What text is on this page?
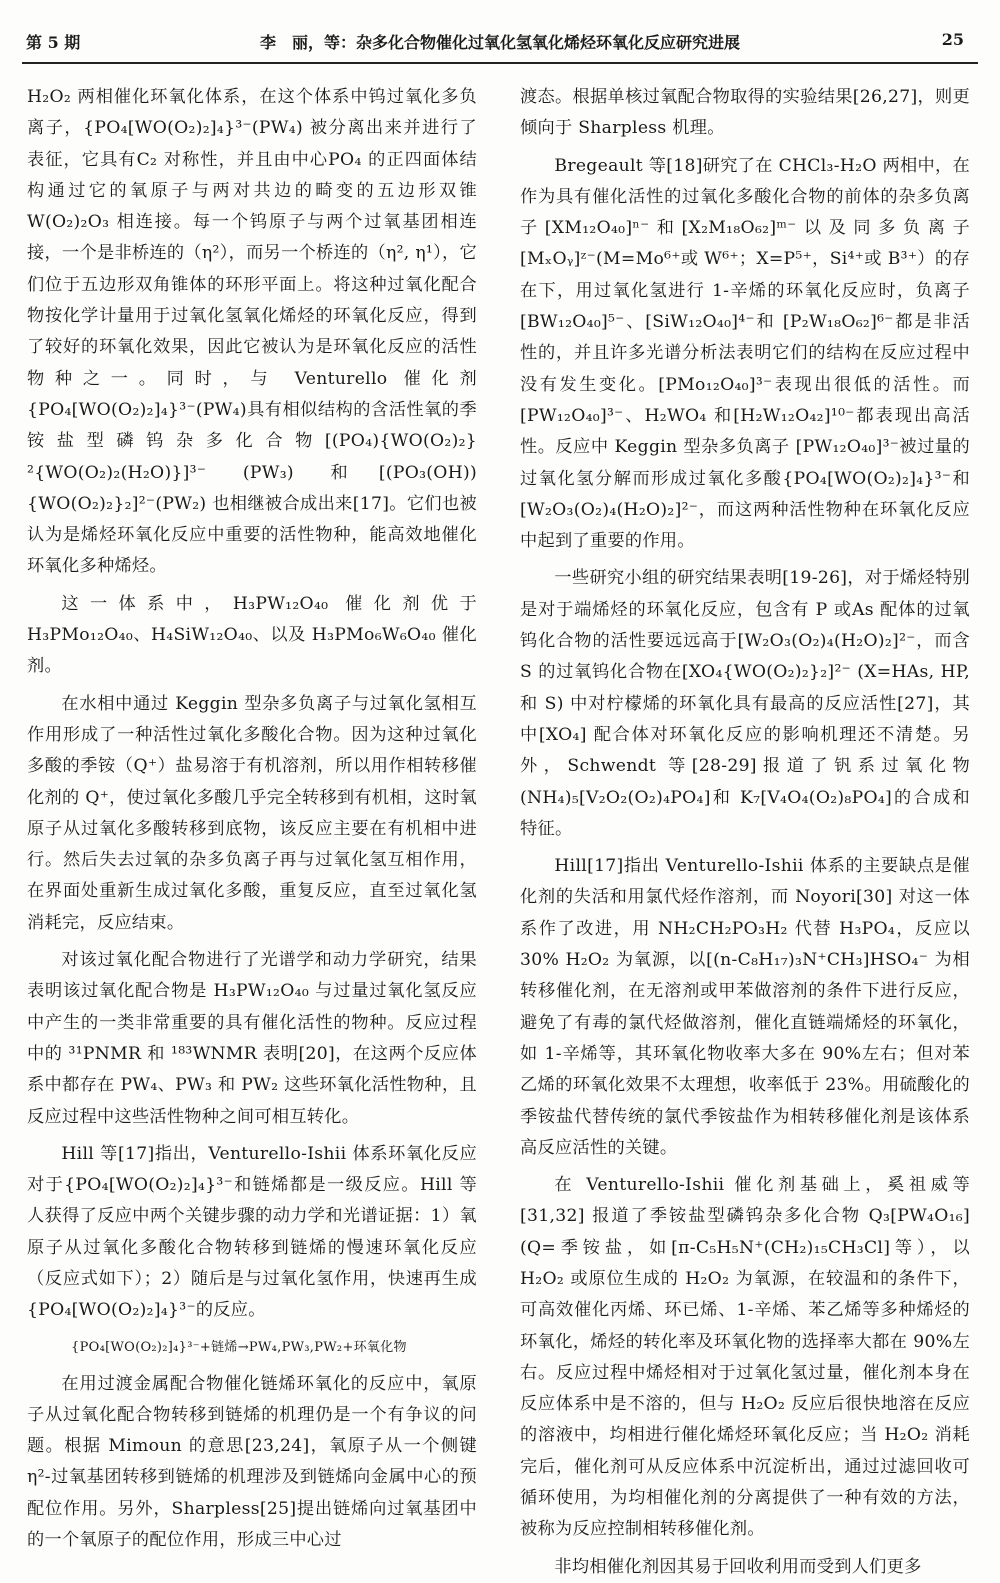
第 5 期	李　丽，等：杂多化合物催化过氧化氢氧化烯烃环氧化反应研究进展	25

H₂O₂ 两相催化环氧化体系，在这个体系中钨过氧化多负离子，{PO₄[WO(O₂)₂]₄}³⁻(PW₄) 被分离出来并进行了表征，它具有C₂ 对称性，并且由中心PO₄ 的正四面体结构通过它的氧原子与两对共边的畸变的五边形双锥 W(O₂)₂O₃ 相连接。每一个钨原子与两个过氧基团相连接，一个是非桥连的（η²），而另一个桥连的（η², η¹），它们位于五边形双角锥体的环形平面上。将这种过氧化配合物按化学计量用于过氧化氢氧化烯烃的环氧化反应，得到了较好的环氧化效果，因此它被认为是环氧化反应的活性物种之一。同时，与 Venturello 催化剂{PO₄[WO(O₂)₂]₄}³⁻(PW₄)具有相似结构的含活性氧的季铵盐型磷钨杂多化合物[(PO₄){WO(O₂)₂}²{WO(O₂)₂(H₂O)}]³⁻ (PW₃) 和[(PO₃(OH)){WO(O₂)₂}₂]²⁻(PW₂) 也相继被合成出来[17]。它们也被认为是烯烃环氧化反应中重要的活性物种，能高效地催化环氧化多种烯烃。

这一体系中，H₃PW₁₂O₄₀ 催化剂优于 H₃PMo₁₂O₄₀、H₄SiW₁₂O₄₀、以及 H₃PMo₆W₆O₄₀ 催化剂。

在水相中通过 Keggin 型杂多负离子与过氧化氢相互作用形成了一种活性过氧化多酸化合物。因为这种过氧化多酸的季铵（Q⁺）盐易溶于有机溶剂，所以用作相转移催化剂的 Q⁺，使过氧化多酸几乎完全转移到有机相，这时氧原子从过氧化多酸转移到底物，该反应主要在有机相中进行。然后失去过氧的杂多负离子再与过氧化氢互相作用，在界面处重新生成过氧化多酸，重复反应，直至过氧化氢消耗完，反应结束。

对该过氧化配合物进行了光谱学和动力学研究，结果表明该过氧化配合物是 H₃PW₁₂O₄₀ 与过量过氧化氢反应中产生的一类非常重要的具有催化活性的物种。反应过程中的 ³¹PNMR 和 ¹⁸³WNMR 表明[20]，在这两个反应体系中都存在 PW₄、PW₃ 和 PW₂ 这些环氧化活性物种，且反应过程中这些活性物种之间可相互转化。

Hill 等[17]指出，Venturello-Ishii 体系环氧化反应对于{PO₄[WO(O₂)₂]₄}³⁻和链烯都是一级反应。Hill 等人获得了反应中两个关键步骤的动力学和光谱证据：1）氧原子从过氧化多酸化合物转移到链烯的慢速环氧化反应（反应式如下）；2）随后是与过氧化氢作用，快速再生成{PO₄[WO(O₂)₂]₄}³⁻的反应。

{PO₄[WO(O₂)₂]₄}³⁻+链烯→PW₄,PW₃,PW₂+环氧化物

在用过渡金属配合物催化链烯环氧化的反应中，氧原子从过氧化配合物转移到链烯的机理仍是一个有争议的问题。根据 Mimoun 的意思[23,24]，氧原子从一个侧键 η²-过氧基团转移到链烯的机理涉及到链烯向金属中心的预配位作用。另外，Sharpless[25]提出链烯向过氧基团中的一个氧原子的配位作用，形成三中心过

渡态。根据单核过氧配合物取得的实验结果[26,27]，则更倾向于 Sharpless 机理。

Bregeault 等[18]研究了在 CHCl₃-H₂O 两相中，在作为具有催化活性的过氧化多酸化合物的前体的杂多负离子[XM₁₂O₄₀]ⁿ⁻和[X₂M₁₈O₆₂]ᵐ⁻以及同多负离子[MₓOᵧ]ᶻ⁻(M=Mo⁶⁺或 W⁶⁺；X=P⁵⁺，Si⁴⁺或 B³⁺）的存在下，用过氧化氢进行 1-辛烯的环氧化反应时，负离子[BW₁₂O₄₀]⁵⁻、[SiW₁₂O₄₀]⁴⁻和 [P₂W₁₈O₆₂]⁶⁻都是非活性的，并且许多光谱分析法表明它们的结构在反应过程中没有发生变化。[PMo₁₂O₄₀]³⁻表现出很低的活性。而[PW₁₂O₄₀]³⁻、H₂WO₄ 和[H₂W₁₂O₄₂]¹⁰⁻都表现出高活性。反应中 Keggin 型杂多负离子 [PW₁₂O₄₀]³⁻被过量的过氧化氢分解而形成过氧化多酸{PO₄[WO(O₂)₂]₄}³⁻和[W₂O₃(O₂)₄(H₂O)₂]²⁻，而这两种活性物种在环氧化反应中起到了重要的作用。

一些研究小组的研究结果表明[19-26]，对于烯烃特别是对于端烯烃的环氧化反应，包含有 P 或As 配体的过氧钨化合物的活性要远远高于[W₂O₃(O₂)₄(H₂O)₂]²⁻，而含 S 的过氧钨化合物在[XO₄{WO(O₂)₂}₂]²⁻ (X=HAs, HP, 和 S) 中对柠檬烯的环氧化具有最高的反应活性[27]，其中[XO₄] 配合体对环氧化反应的影响机理还不清楚。另外，Schwendt 等[28-29]报道了钒系过氧化物 (NH₄)₅[V₂O₂(O₂)₄PO₄]和 K₇[V₄O₄(O₂)₈PO₄]的合成和特征。

Hill[17]指出 Venturello-Ishii 体系的主要缺点是催化剂的失活和用氯代烃作溶剂，而 Noyori[30] 对这一体系作了改进，用 NH₂CH₂PO₃H₂ 代替 H₃PO₄，反应以 30% H₂O₂ 为氧源，以[(n-C₈H₁₇)₃N⁺CH₃]HSO₄⁻ 为相转移催化剂，在无溶剂或甲苯做溶剂的条件下进行反应，避免了有毒的氯代烃做溶剂，催化直链端烯烃的环氧化，如 1-辛烯等，其环氧化物收率大多在 90%左右；但对苯乙烯的环氧化效果不太理想，收率低于 23%。用硫酸化的季铵盐代替传统的氯代季铵盐作为相转移催化剂是该体系高反应活性的关键。

在 Venturello-Ishii 催化剂基础上，奚祖威等[31,32] 报道了季铵盐型磷钨杂多化合物 Q₃[PW₄O₁₆](Q=季铵盐，如[π-C₅H₅N⁺(CH₂)₁₅CH₃Cl]等），以 H₂O₂ 或原位生成的 H₂O₂ 为氧源，在较温和的条件下，可高效催化丙烯、环已烯、1-辛烯、苯乙烯等多种烯烃的环氧化，烯烃的转化率及环氧化物的选择率大都在 90%左右。反应过程中烯烃相对于过氧化氢过量，催化剂本身在反应体系中是不溶的，但与 H₂O₂ 反应后很快地溶在反应的溶液中，均相进行催化烯烃环氧化反应；当 H₂O₂ 消耗完后，催化剂可从反应体系中沉淀析出，通过过滤回收可循环使用，为均相催化剂的分离提供了一种有效的方法，被称为反应控制相转移催化剂。

非均相催化剂因其易于回收利用而受到人们更多
